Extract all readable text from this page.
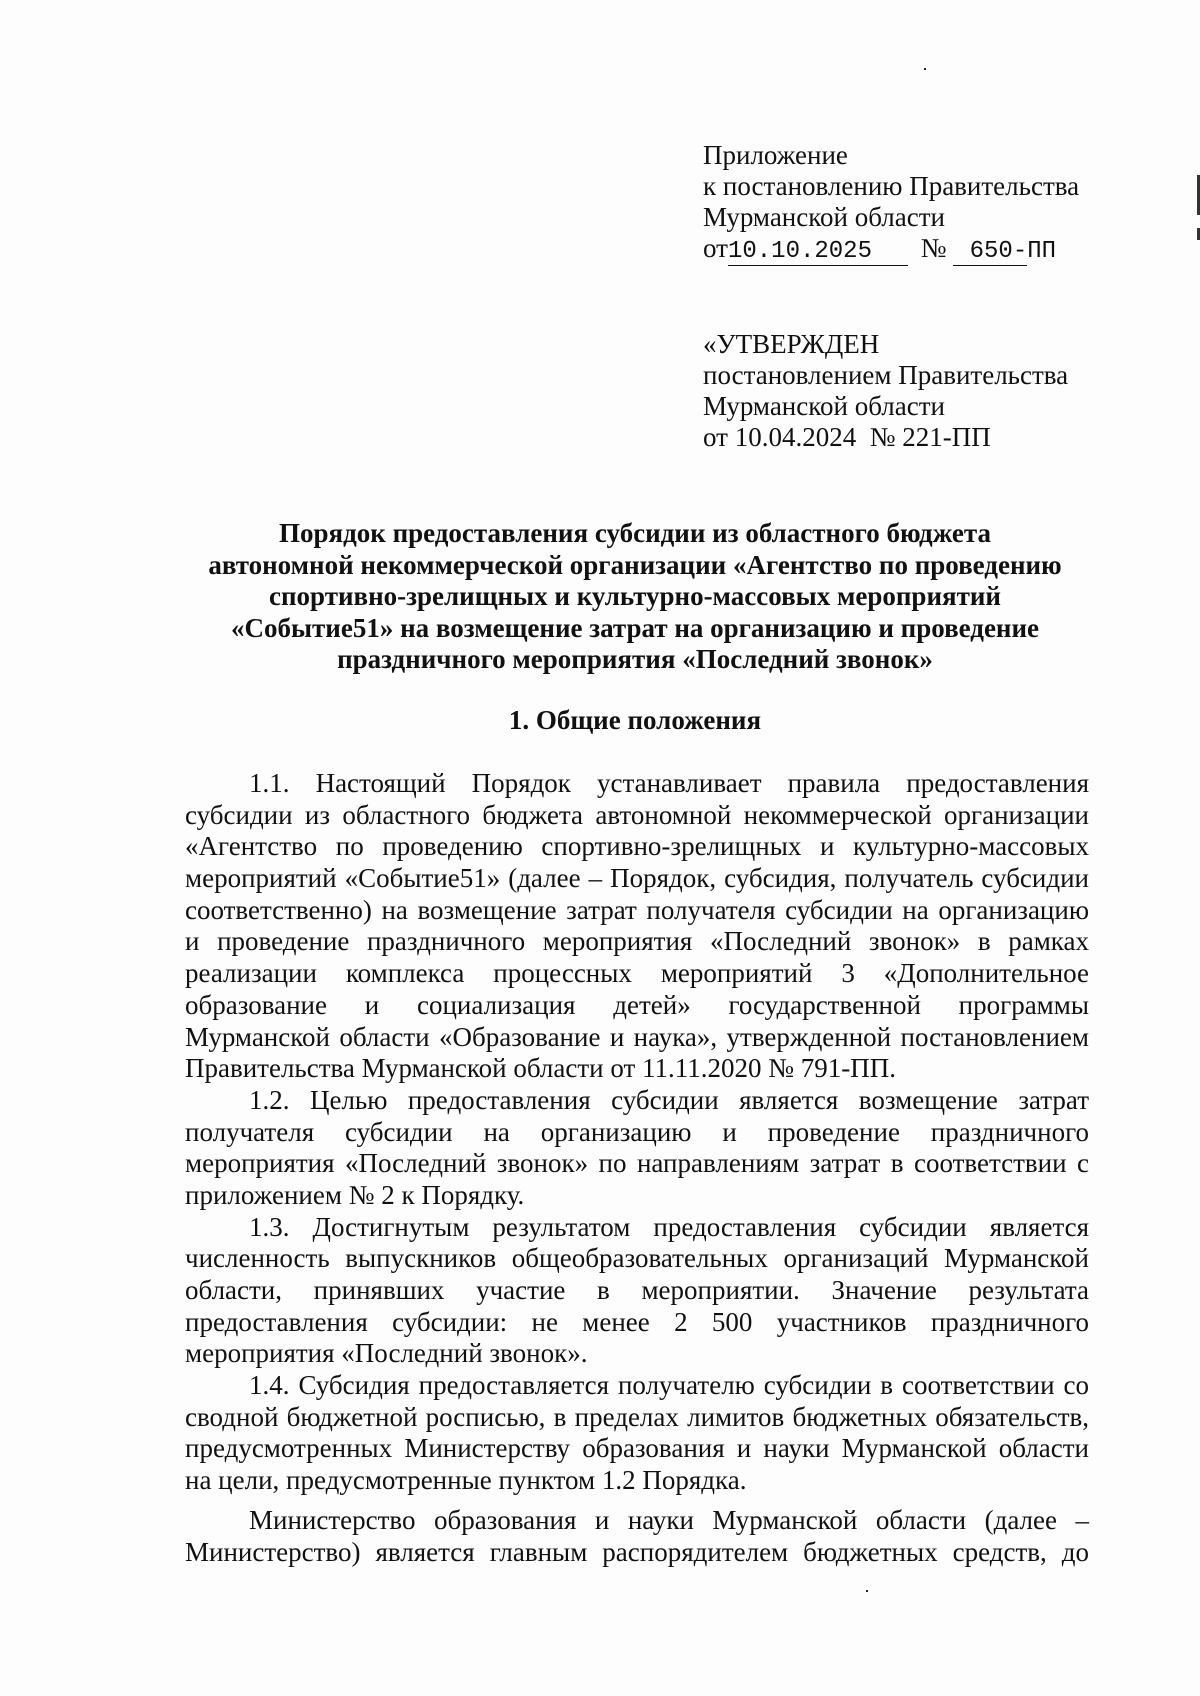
Приложение
к постановлению Правительства
Мурманской области
от10.10.2025 № 650-ПП
«УТВЕРЖДЕН
постановлением Правительства
Мурманской области
от 10.04.2024  № 221-ПП
Порядок предоставления субсидии из областного бюджета
автономной некоммерческой организации «Агентство по проведению
спортивно-зрелищных и культурно-массовых мероприятий
«Событие51» на возмещение затрат на организацию и проведение
праздничного мероприятия «Последний звонок»
1. Общие положения
1.1. Настоящий Порядок устанавливает правила предоставления
субсидии из областного бюджета автономной некоммерческой организации
«Агентство по проведению спортивно-зрелищных и культурно-массовых
мероприятий «Событие51» (далее – Порядок, субсидия, получатель субсидии
соответственно) на возмещение затрат получателя субсидии на организацию
и проведение праздничного мероприятия «Последний звонок» в рамках
реализации комплекса процессных мероприятий 3 «Дополнительное
образование и социализация детей» государственной программы
Мурманской области «Образование и наука», утвержденной постановлением
Правительства Мурманской области от 11.11.2020 № 791-ПП.
1.2. Целью предоставления субсидии является возмещение затрат
получателя субсидии на организацию и проведение праздничного
мероприятия «Последний звонок» по направлениям затрат в соответствии с
приложением № 2 к Порядку.
1.3. Достигнутым результатом предоставления субсидии является
численность выпускников общеобразовательных организаций Мурманской
области, принявших участие в мероприятии. Значение результата
предоставления субсидии: не менее 2 500 участников праздничного
мероприятия «Последний звонок».
1.4. Субсидия предоставляется получателю субсидии в соответствии со
сводной бюджетной росписью, в пределах лимитов бюджетных обязательств,
предусмотренных Министерству образования и науки Мурманской области
на цели, предусмотренные пунктом 1.2 Порядка.
Министерство образования и науки Мурманской области (далее –
Министерство) является главным распорядителем бюджетных средств, до
